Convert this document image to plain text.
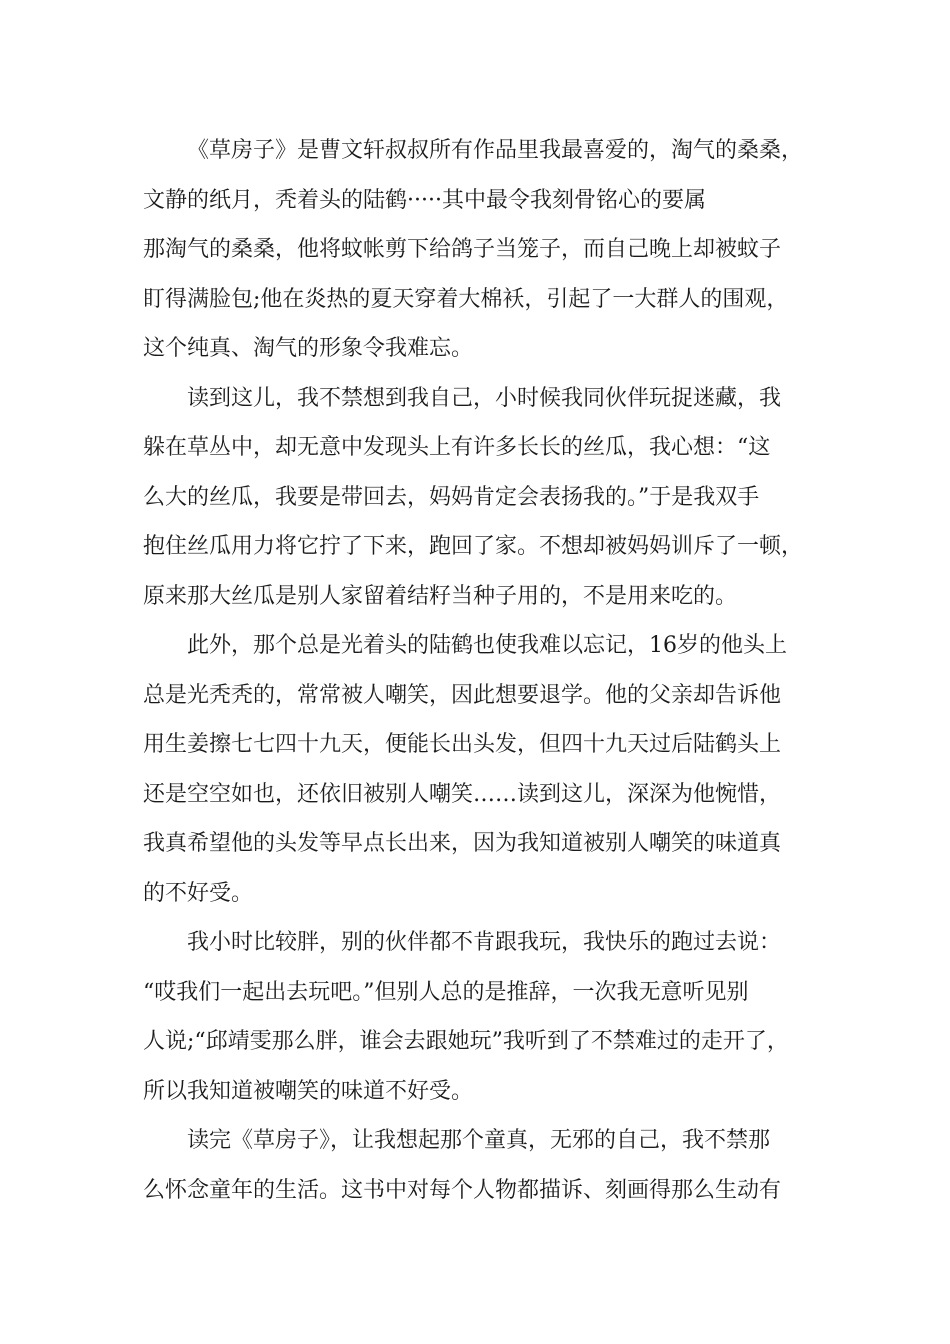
《草房子》是曹文轩叔叔所有作品里我最喜爱的，淘气的桑桑，
文静的纸月，秃着头的陆鹤·····其中最令我刻骨铭心的要属
那淘气的桑桑，他将蚊帐剪下给鸽子当笼子，而自己晚上却被蚊子
盯得满脸包;他在炎热的夏天穿着大棉袄，引起了一大群人的围观，
这个纯真、淘气的形象令我难忘。
读到这儿，我不禁想到我自己，小时候我同伙伴玩捉迷藏，我
躲在草丛中，却无意中发现头上有许多长长的丝瓜，我心想：“这
么大的丝瓜，我要是带回去，妈妈肯定会表扬我的。”于是我双手
抱住丝瓜用力将它拧了下来，跑回了家。不想却被妈妈训斥了一顿，
原来那大丝瓜是别人家留着结籽当种子用的，不是用来吃的。
此外，那个总是光着头的陆鹤也使我难以忘记，16岁的他头上
总是光秃秃的，常常被人嘲笑，因此想要退学。他的父亲却告诉他
用生姜擦七七四十九天，便能长出头发，但四十九天过后陆鹤头上
还是空空如也，还依旧被别人嘲笑……读到这儿，深深为他惋惜，
我真希望他的头发等早点长出来，因为我知道被别人嘲笑的味道真
的不好受。
我小时比较胖，别的伙伴都不肯跟我玩，我快乐的跑过去说：
“哎我们一起出去玩吧。”但别人总的是推辞，一次我无意听见别
人说;“邱靖雯那么胖，谁会去跟她玩”我听到了不禁难过的走开了，
所以我知道被嘲笑的味道不好受。
读完《草房子》，让我想起那个童真，无邪的自己，我不禁那
么怀念童年的生活。这书中对每个人物都描诉、刻画得那么生动有
